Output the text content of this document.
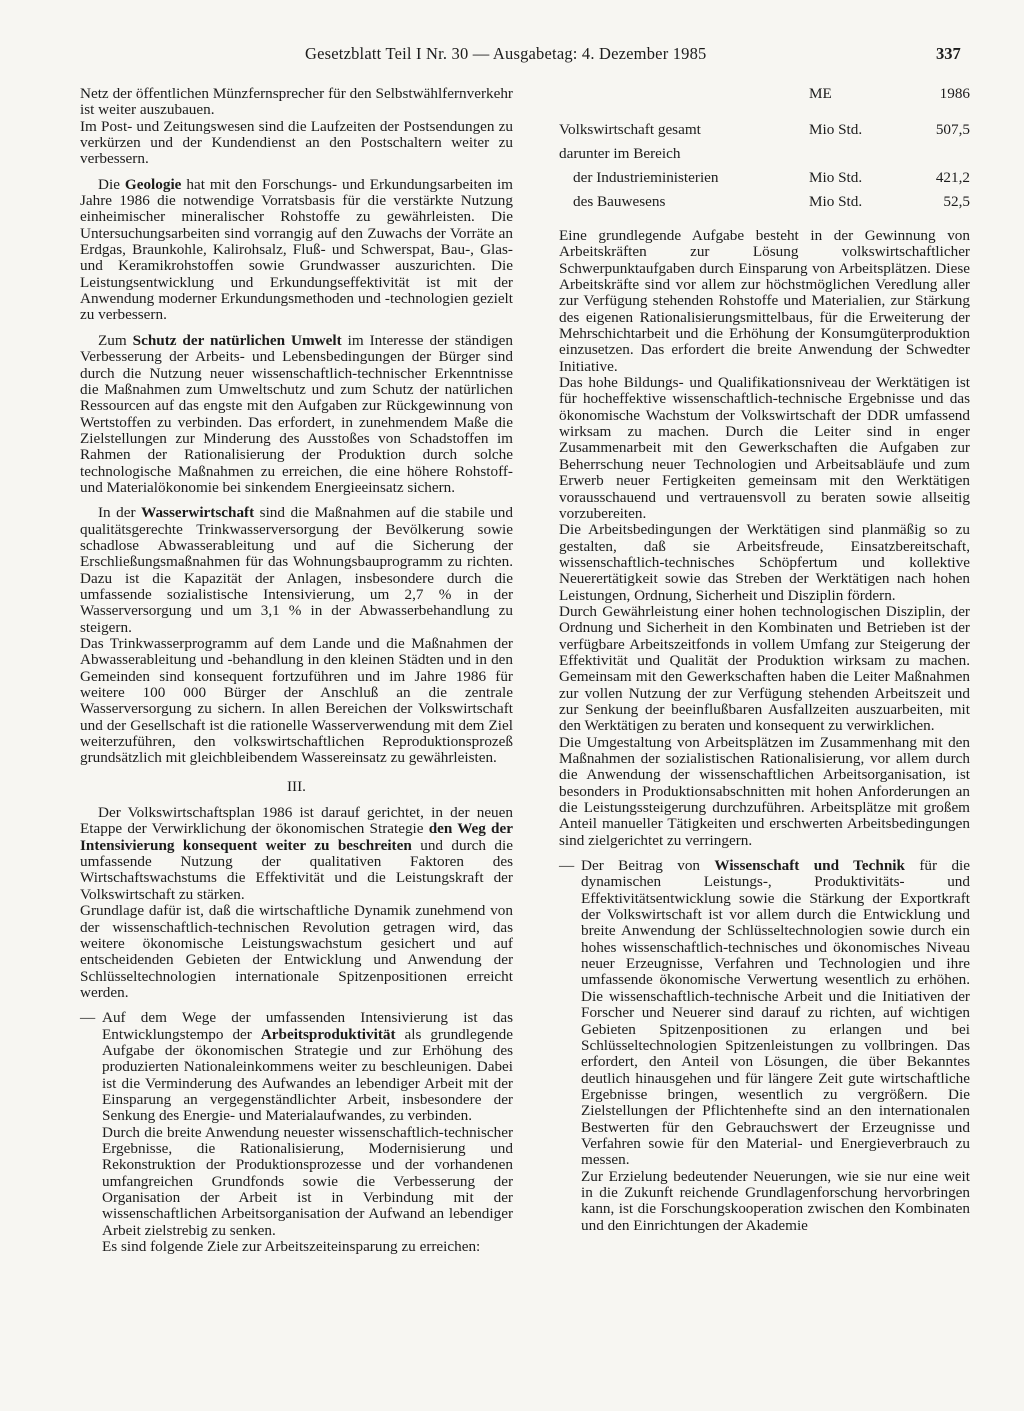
Gesetzblatt Teil I Nr. 30 — Ausgabetag: 4. Dezember 1985	337

Netz der öffentlichen Münzfernsprecher für den Selbstwählfernverkehr ist weiter auszubauen.

Im Post- und Zeitungswesen sind die Laufzeiten der Postsendungen zu verkürzen und der Kundendienst an den Postschaltern weiter zu verbessern.

Die Geologie hat mit den Forschungs- und Erkundungsarbeiten im Jahre 1986 die notwendige Vorratsbasis für die verstärkte Nutzung einheimischer mineralischer Rohstoffe zu gewährleisten. Die Untersuchungsarbeiten sind vorrangig auf den Zuwachs der Vorräte an Erdgas, Braunkohle, Kalirohsalz, Fluß- und Schwerspat, Bau-, Glas- und Keramikrohstoffen sowie Grundwasser auszurichten. Die Leistungsentwicklung und Erkundungseffektivität ist mit der Anwendung moderner Erkundungsmethoden und -technologien gezielt zu verbessern.

Zum Schutz der natürlichen Umwelt im Interesse der ständigen Verbesserung der Arbeits- und Lebensbedingungen der Bürger sind durch die Nutzung neuer wissenschaftlich-technischer Erkenntnisse die Maßnahmen zum Umweltschutz und zum Schutz der natürlichen Ressourcen auf das engste mit den Aufgaben zur Rückgewinnung von Wertstoffen zu verbinden. Das erfordert, in zunehmendem Maße die Zielstellungen zur Minderung des Ausstoßes von Schadstoffen im Rahmen der Rationalisierung der Produktion durch solche technologische Maßnahmen zu erreichen, die eine höhere Rohstoff- und Materialökonomie bei sinkendem Energieeinsatz sichern.

In der Wasserwirtschaft sind die Maßnahmen auf die stabile und qualitätsgerechte Trinkwasserversorgung der Bevölkerung sowie schadlose Abwasserableitung und auf die Sicherung der Erschließungsmaßnahmen für das Wohnungsbauprogramm zu richten. Dazu ist die Kapazität der Anlagen, insbesondere durch die umfassende sozialistische Intensivierung, um 2,7 % in der Wasserversorgung und um 3,1 % in der Abwasserbehandlung zu steigern.

Das Trinkwasserprogramm auf dem Lande und die Maßnahmen der Abwasserableitung und -behandlung in den kleinen Städten und in den Gemeinden sind konsequent fortzuführen und im Jahre 1986 für weitere 100 000 Bürger der Anschluß an die zentrale Wasserversorgung zu sichern. In allen Bereichen der Volkswirtschaft und der Gesellschaft ist die rationelle Wasserverwendung mit dem Ziel weiterzuführen, den volkswirtschaftlichen Reproduktionsprozeß grundsätzlich mit gleichbleibendem Wassereinsatz zu gewährleisten.

III.

Der Volkswirtschaftsplan 1986 ist darauf gerichtet, in der neuen Etappe der Verwirklichung der ökonomischen Strategie den Weg der Intensivierung konsequent weiter zu beschreiten und durch die umfassende Nutzung der qualitativen Faktoren des Wirtschaftswachstums die Effektivität und die Leistungskraft der Volkswirtschaft zu stärken.

Grundlage dafür ist, daß die wirtschaftliche Dynamik zunehmend von der wissenschaftlich-technischen Revolution getragen wird, das weitere ökonomische Leistungswachstum gesichert und auf entscheidenden Gebieten der Entwicklung und Anwendung der Schlüsseltechnologien internationale Spitzenpositionen erreicht werden.

— Auf dem Wege der umfassenden Intensivierung ist das Entwicklungstempo der Arbeitsproduktivität als grundlegende Aufgabe der ökonomischen Strategie und zur Erhöhung des produzierten Nationaleinkommens weiter zu beschleunigen. Dabei ist die Verminderung des Aufwandes an lebendiger Arbeit mit der Einsparung an vergegenständlichter Arbeit, insbesondere der Senkung des Energie- und Materialaufwandes, zu verbinden.

Durch die breite Anwendung neuester wissenschaftlich-technischer Ergebnisse, die Rationalisierung, Modernisierung und Rekonstruktion der Produktionsprozesse und der vorhandenen umfangreichen Grundfonds sowie die Verbesserung der Organisation der Arbeit ist in Verbindung mit der wissenschaftlichen Arbeitsorganisation der Aufwand an lebendiger Arbeit zielstrebig zu senken.

Es sind folgende Ziele zur Arbeitszeiteinsparung zu erreichen:

	ME	1986
Volkswirtschaft gesamt	Mio Std.	507,5
darunter im Bereich		
der Industrieministerien	Mio Std.	421,2
des Bauwesens	Mio Std.	52,5

Eine grundlegende Aufgabe besteht in der Gewinnung von Arbeitskräften zur Lösung volkswirtschaftlicher Schwerpunktaufgaben durch Einsparung von Arbeitsplätzen. Diese Arbeitskräfte sind vor allem zur höchstmöglichen Veredlung aller zur Verfügung stehenden Rohstoffe und Materialien, zur Stärkung des eigenen Rationalisierungsmittelbaus, für die Erweiterung der Mehrschichtarbeit und die Erhöhung der Konsumgüterproduktion einzusetzen. Das erfordert die breite Anwendung der Schwedter Initiative.

Das hohe Bildungs- und Qualifikationsniveau der Werktätigen ist für hocheffektive wissenschaftlich-technische Ergebnisse und das ökonomische Wachstum der Volkswirtschaft der DDR umfassend wirksam zu machen. Durch die Leiter sind in enger Zusammenarbeit mit den Gewerkschaften die Aufgaben zur Beherrschung neuer Technologien und Arbeitsabläufe und zum Erwerb neuer Fertigkeiten gemeinsam mit den Werktätigen vorausschauend und vertrauensvoll zu beraten sowie allseitig vorzubereiten.

Die Arbeitsbedingungen der Werktätigen sind planmäßig so zu gestalten, daß sie Arbeitsfreude, Einsatzbereitschaft, wissenschaftlich-technisches Schöpfertum und kollektive Neuerertätigkeit sowie das Streben der Werktätigen nach hohen Leistungen, Ordnung, Sicherheit und Disziplin fördern.

Durch Gewährleistung einer hohen technologischen Disziplin, der Ordnung und Sicherheit in den Kombinaten und Betrieben ist der verfügbare Arbeitszeitfonds in vollem Umfang zur Steigerung der Effektivität und Qualität der Produktion wirksam zu machen. Gemeinsam mit den Gewerkschaften haben die Leiter Maßnahmen zur vollen Nutzung der zur Verfügung stehenden Arbeitszeit und zur Senkung der beeinflußbaren Ausfallzeiten auszuarbeiten, mit den Werktätigen zu beraten und konsequent zu verwirklichen.

Die Umgestaltung von Arbeitsplätzen im Zusammenhang mit den Maßnahmen der sozialistischen Rationalisierung, vor allem durch die Anwendung der wissenschaftlichen Arbeitsorganisation, ist besonders in Produktionsabschnitten mit hohen Anforderungen an die Leistungssteigerung durchzuführen. Arbeitsplätze mit großem Anteil manueller Tätigkeiten und erschwerten Arbeitsbedingungen sind zielgerichtet zu verringern.

— Der Beitrag von Wissenschaft und Technik für die dynamischen Leistungs-, Produktivitäts- und Effektivitätsentwicklung sowie die Stärkung der Exportkraft der Volkswirtschaft ist vor allem durch die Entwicklung und breite Anwendung der Schlüsseltechnologien sowie durch ein hohes wissenschaftlich-technisches und ökonomisches Niveau neuer Erzeugnisse, Verfahren und Technologien und ihre umfassende ökonomische Verwertung wesentlich zu erhöhen. Die wissenschaftlich-technische Arbeit und die Initiativen der Forscher und Neuerer sind darauf zu richten, auf wichtigen Gebieten Spitzenpositionen zu erlangen und bei Schlüsseltechnologien Spitzenleistungen zu vollbringen. Das erfordert, den Anteil von Lösungen, die über Bekanntes deutlich hinausgehen und für längere Zeit gute wirtschaftliche Ergebnisse bringen, wesentlich zu vergrößern. Die Zielstellungen der Pflichtenhefte sind an den internationalen Bestwerten für den Gebrauchswert der Erzeugnisse und Verfahren sowie für den Material- und Energieverbrauch zu messen.

Zur Erzielung bedeutender Neuerungen, wie sie nur eine weit in die Zukunft reichende Grundlagenforschung hervorbringen kann, ist die Forschungskooperation zwischen den Kombinaten und den Einrichtungen der Akademie
